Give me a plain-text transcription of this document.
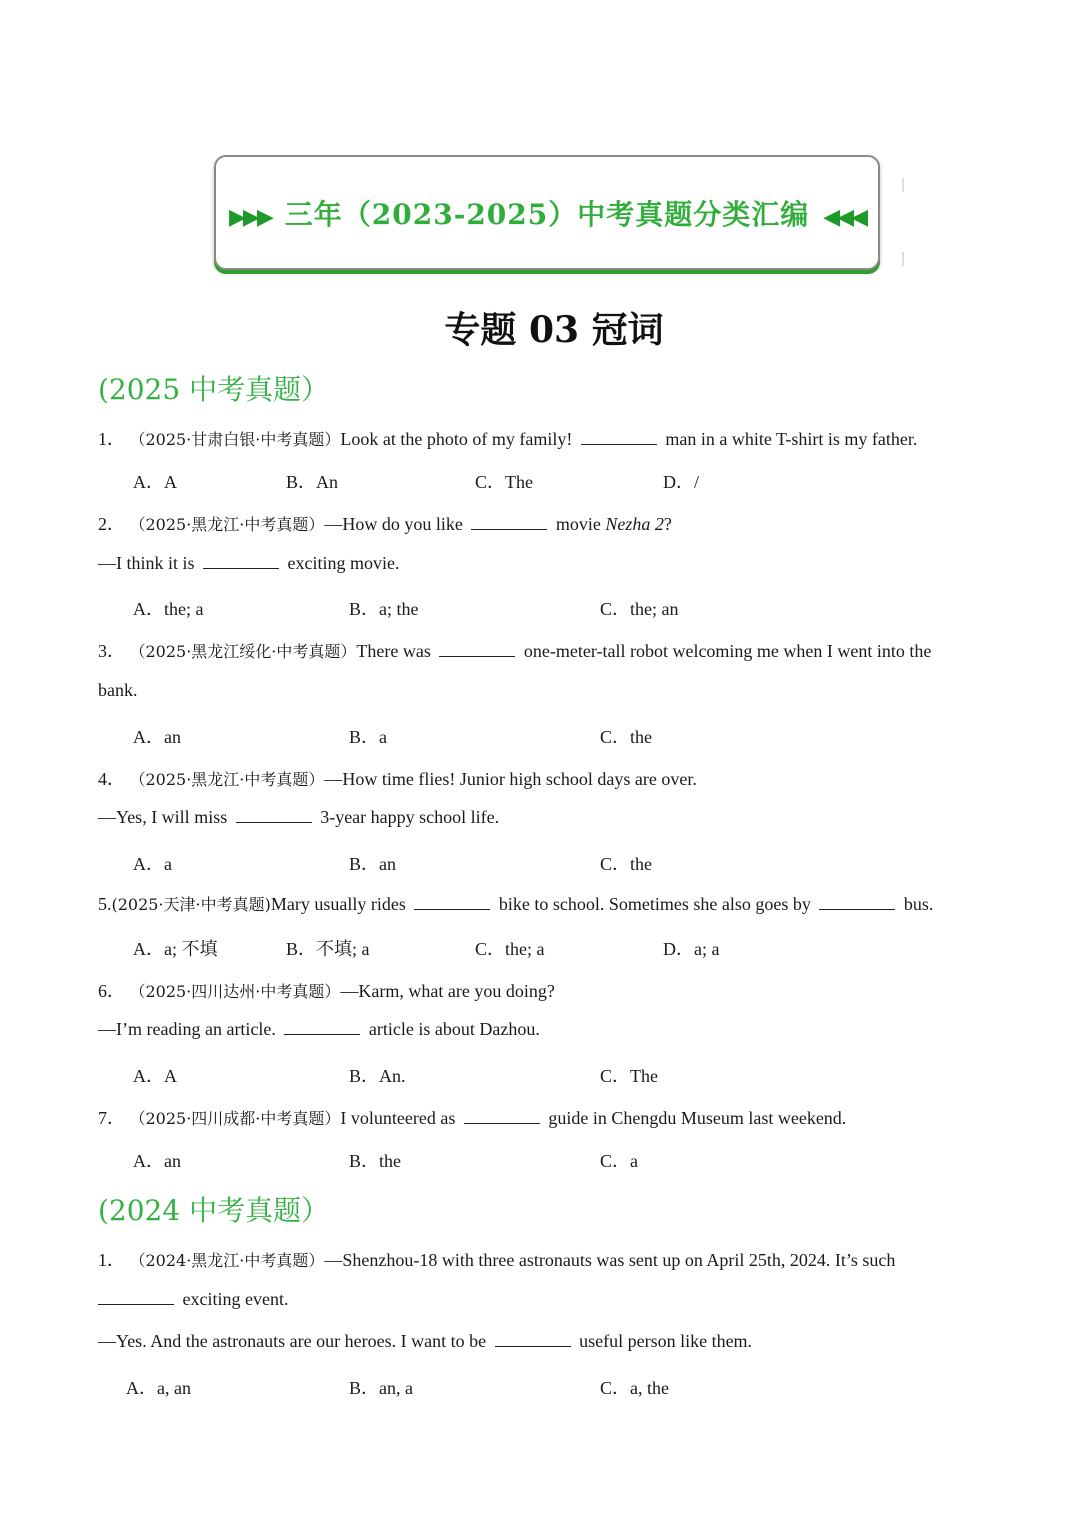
▶▶▶ 三年（2023-2025）中考真题分类汇编 ◀◀◀
专题 03 冠词
(2025 中考真题）
1． （2025·甘肃白银·中考真题）Look at the photo of my family!	man in a white T-shirt is my father.
A．A	B．An	C．The	D．/
2． （2025·黑龙江·中考真题）—How do you like	movie Nezha 2?
—I think it is	exciting movie.
A．the; a	B．a; the	C．the; an
3． （2025·黑龙江绥化·中考真题）There was	one-meter-tall robot welcoming me when I went into the
bank.
A．an	B．a	C．the
4． （2025·黑龙江·中考真题）—How time flies! Junior high school days are over.
—Yes, I will miss	3-year happy school life.
A．a	B．an	C．the
5.(2025·天津·中考真题)Mary usually rides	bike to school. Sometimes she also goes by	bus.
A．a; 不填	B．不填; a	C．the; a	D．a; a
6． （2025·四川达州·中考真题）—Karm, what are you doing?
—I’m reading an article.	article is about Dazhou.
A．A	B．An.	C．The
7． （2025·四川成都·中考真题）I volunteered as	guide in Chengdu Museum last weekend.
A．an	B．the	C．a
(2024 中考真题）
1． （2024·黑龙江·中考真题）—Shenzhou-18 with three astronauts was sent up on April 25th, 2024. It’s such
exciting event.
—Yes. And the astronauts are our heroes. I want to be	useful person like them.
A．a, an	B．an, a	C．a, the
